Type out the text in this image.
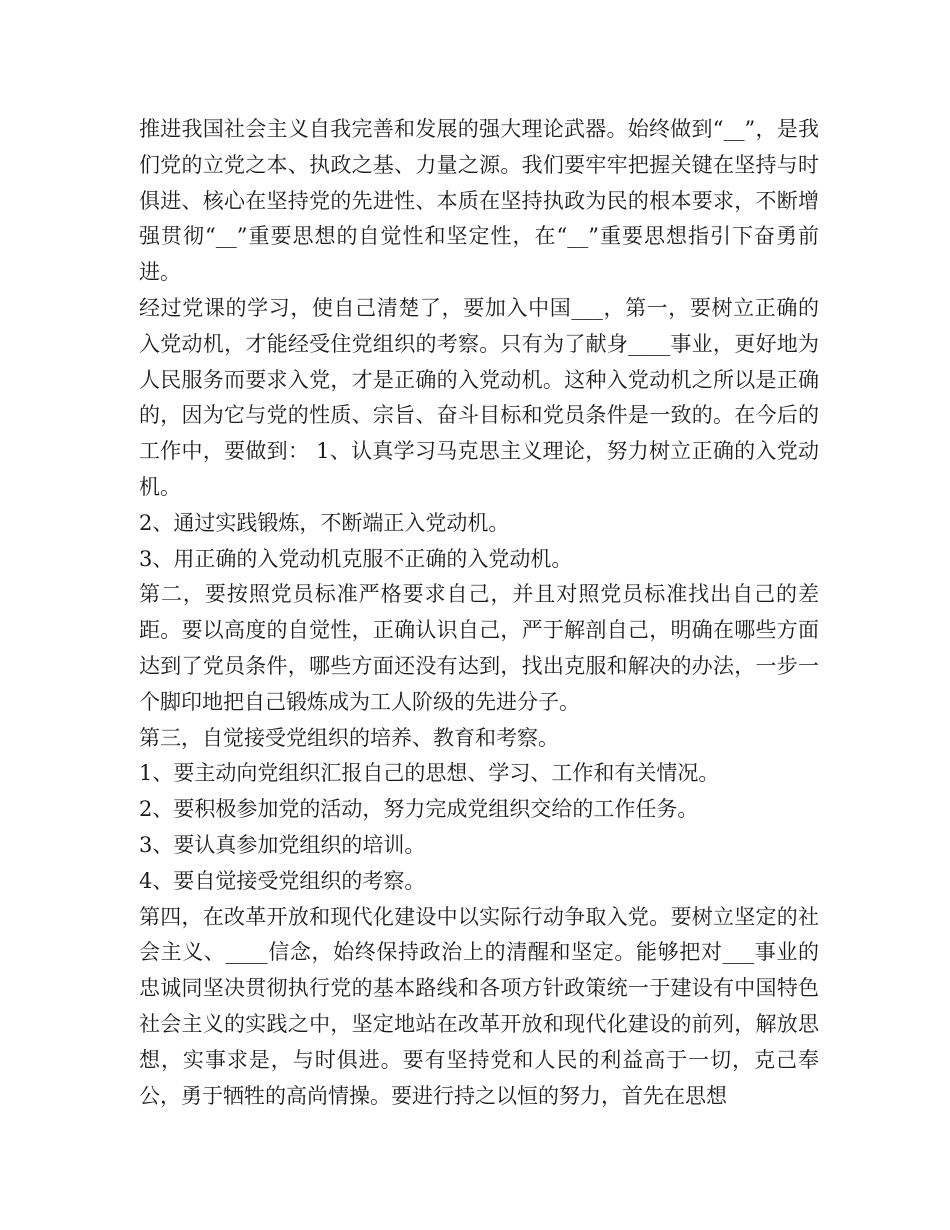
推进我国社会主义自我完善和发展的强大理论武器。始终做到“__”，是我们党的立党之本、执政之基、力量之源。我们要牢牢把握关键在坚持与时俱进、核心在坚持党的先进性、本质在坚持执政为民的根本要求，不断增强贯彻“__”重要思想的自觉性和坚定性，在“__”重要思想指引下奋勇前进。

经过党课的学习，使自己清楚了，要加入中国___，第一，要树立正确的入党动机，才能经受住党组织的考察。只有为了献身____事业，更好地为人民服务而要求入党，才是正确的入党动机。这种入党动机之所以是正确的，因为它与党的性质、宗旨、奋斗目标和党员条件是一致的。在今后的工作中，要做到： 1、认真学习马克思主义理论，努力树立正确的入党动机。

2、通过实践锻炼，不断端正入党动机。

3、用正确的入党动机克服不正确的入党动机。

第二，要按照党员标准严格要求自己，并且对照党员标准找出自己的差距。要以高度的自觉性，正确认识自己，严于解剖自己，明确在哪些方面达到了党员条件，哪些方面还没有达到，找出克服和解决的办法，一步一个脚印地把自己锻炼成为工人阶级的先进分子。

第三，自觉接受党组织的培养、教育和考察。

1、要主动向党组织汇报自己的思想、学习、工作和有关情况。

2、要积极参加党的活动，努力完成党组织交给的工作任务。

3、要认真参加党组织的培训。

4、要自觉接受党组织的考察。

第四，在改革开放和现代化建设中以实际行动争取入党。要树立坚定的社会主义、____信念，始终保持政治上的清醒和坚定。能够把对___事业的忠诚同坚决贯彻执行党的基本路线和各项方针政策统一于建设有中国特色社会主义的实践之中，坚定地站在改革开放和现代化建设的前列，解放思想，实事求是，与时俱进。要有坚持党和人民的利益高于一切，克己奉公，勇于牺牲的高尚情操。要进行持之以恒的努力，首先在思想
